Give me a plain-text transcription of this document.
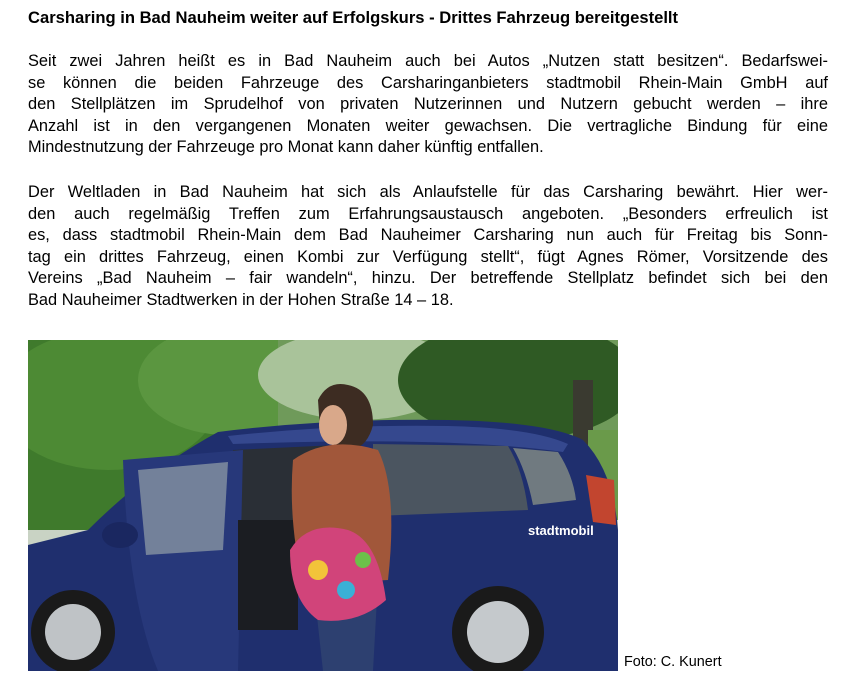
Carsharing in Bad Nauheim weiter auf Erfolgskurs - Drittes Fahrzeug bereitgestellt
Seit zwei Jahren heißt es in Bad Nauheim auch bei Autos „Nutzen statt besitzen“. Bedarfswei-
se können die beiden Fahrzeuge des Carsharinganbieters stadtmobil Rhein-Main GmbH auf
den Stellplätzen im Sprudelhof von privaten Nutzerinnen und Nutzern gebucht werden – ihre
Anzahl ist in den vergangenen Monaten weiter gewachsen. Die vertragliche Bindung für eine
Mindestnutzung der Fahrzeuge pro Monat kann daher künftig entfallen.
Der Weltladen in Bad Nauheim hat sich als Anlaufstelle für das Carsharing bewährt. Hier wer-
den auch regelmäßig Treffen zum Erfahrungsaustausch angeboten. „Besonders erfreulich ist
es, dass stadtmobil Rhein-Main dem Bad Nauheimer Carsharing nun auch für Freitag bis Sonn-
tag ein drittes Fahrzeug, einen Kombi zur Verfügung stellt“, fügt Agnes Römer, Vorsitzende des
Vereins „Bad Nauheim – fair wandeln“, hinzu. Der betreffende Stellplatz befindet sich bei den
Bad Nauheimer Stadtwerken in der Hohen Straße 14 – 18.
stadtmobil
Foto: C. Kunert
